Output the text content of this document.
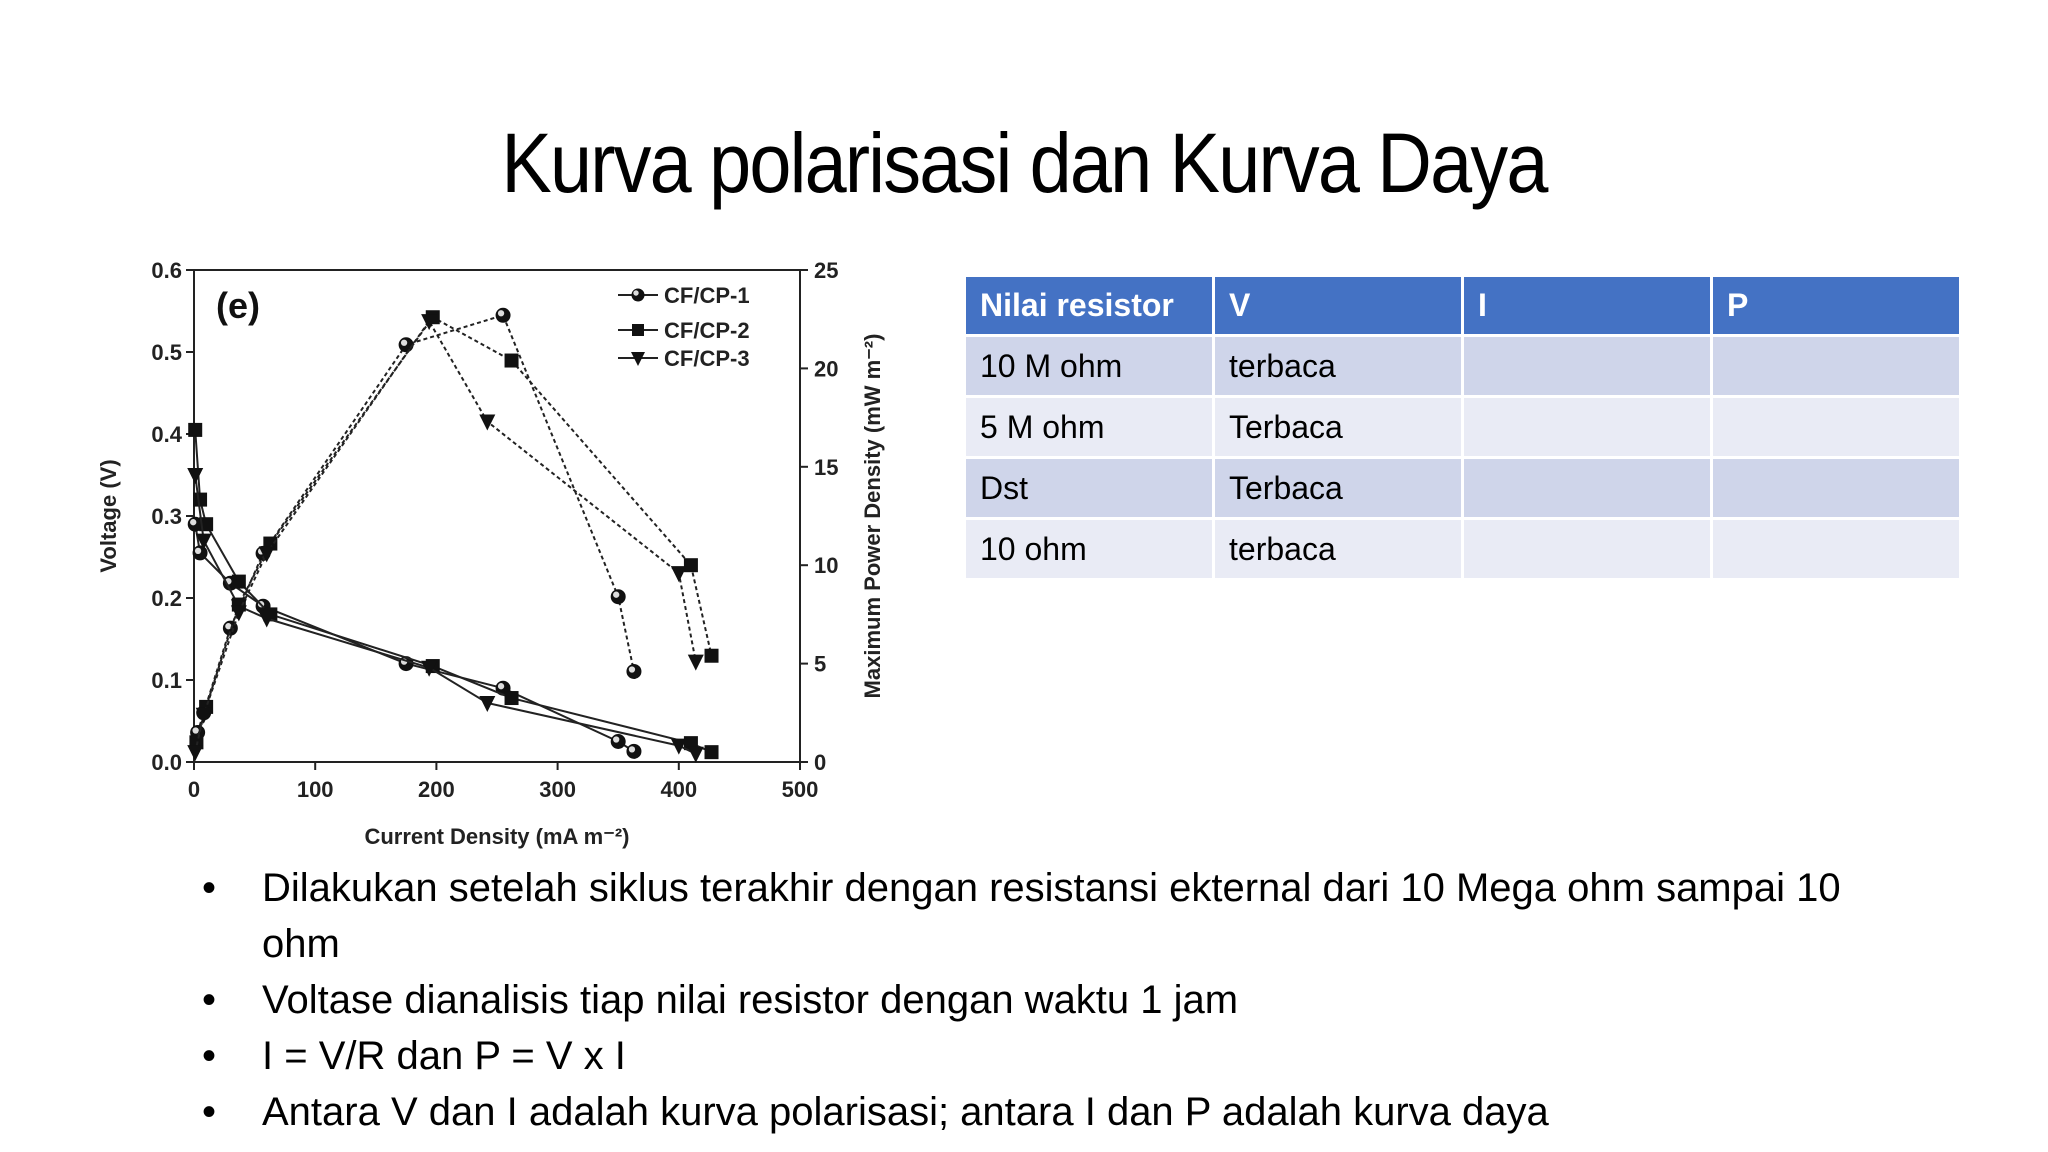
Kurva polarisasi dan Kurva Daya
0	100	200	300	400	500
0.0
0.1
0.2
0.3
0.4
0.5
0.6
0
5
10
15
20
25
Current Density (mA m⁻²)
Voltage (V)	Maximum Power Density (mW m⁻²)
(e)	CF/CP-1
CF/CP-2
CF/CP-3
Nilai resistor	V	I	P
10 M ohm	terbaca		
5 M ohm	Terbaca		
Dst	Terbaca		
10 ohm	terbaca		
•	Dilakukan setelah siklus terakhir dengan resistansi ekternal dari 10 Mega ohm sampai 10 ohm
•	Voltase dianalisis tiap nilai resistor dengan waktu 1 jam
•	I = V/R dan P = V x I
•	Antara V dan I adalah kurva polarisasi; antara I dan P adalah kurva daya
